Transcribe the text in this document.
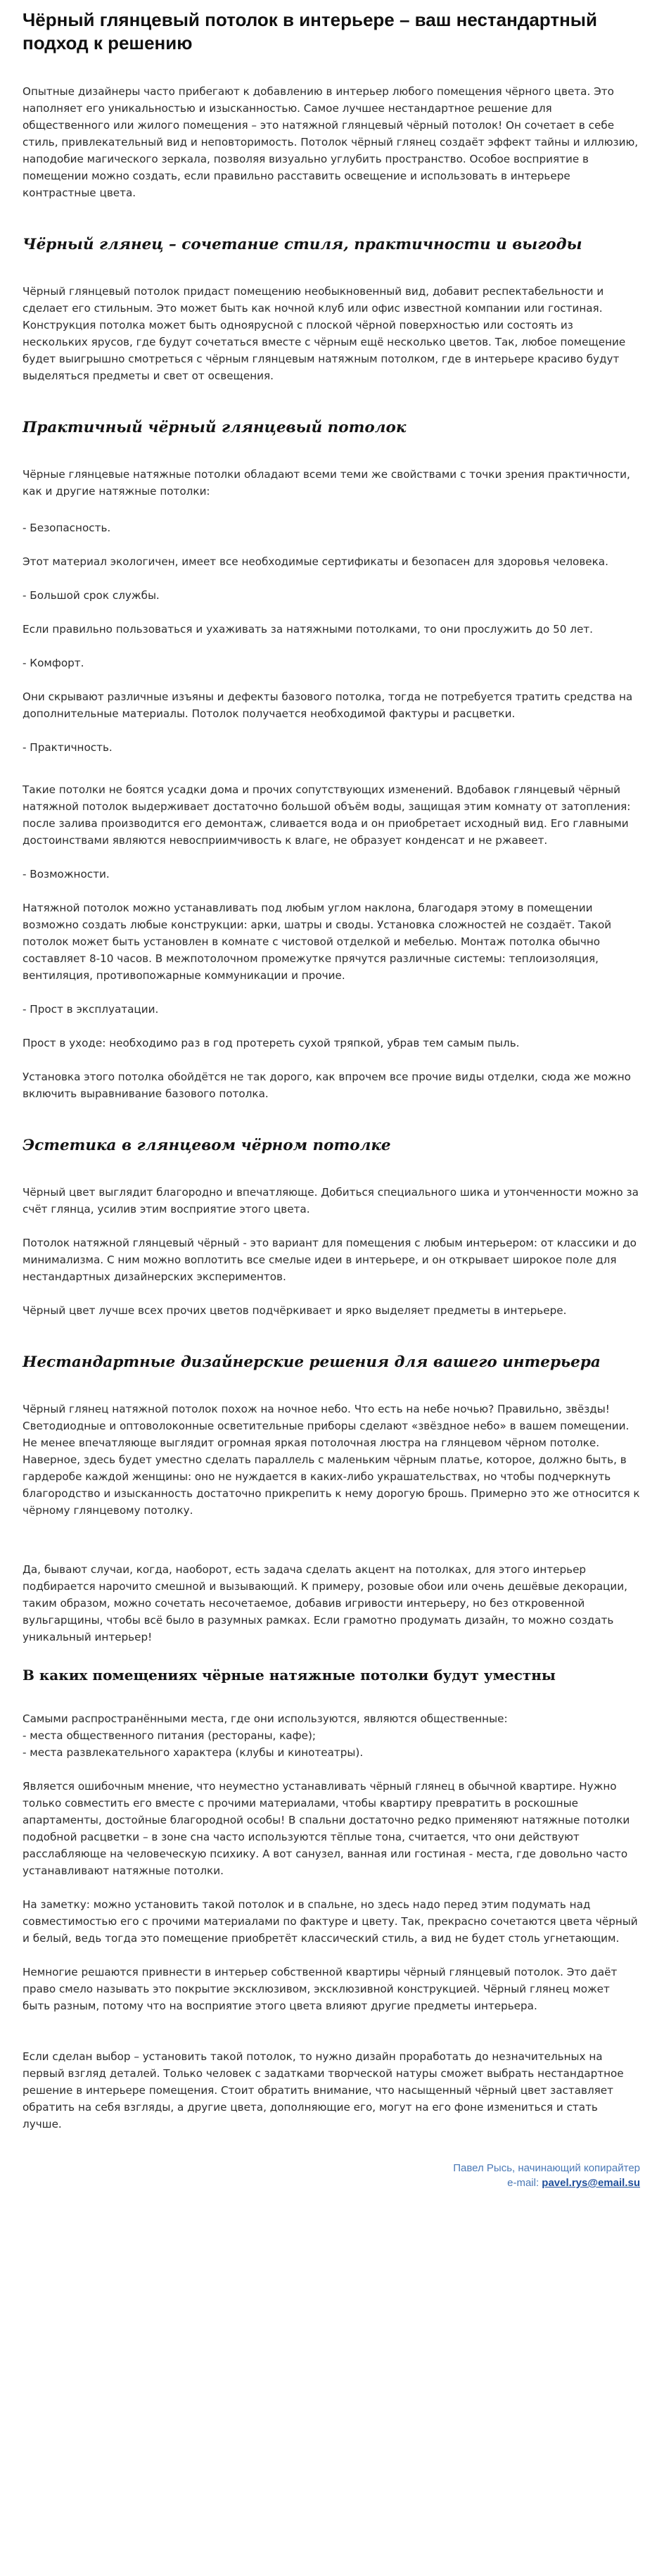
Чёрный глянцевый потолок в интерьере – ваш нестандартный подход к решению

Опытные дизайнеры часто прибегают к добавлению в интерьер любого помещения чёрного цвета. Это наполняет его уникальностью и изысканностью. Самое лучшее нестандартное решение для общественного или жилого помещения – это натяжной глянцевый чёрный потолок! Он сочетает в себе стиль, привлекательный вид и неповторимость. Потолок чёрный глянец создаёт эффект тайны и иллюзию, наподобие магического зеркала, позволяя визуально углубить пространство. Особое восприятие в помещении можно создать, если правильно расставить освещение и использовать в интерьере контрастные цвета.

Чёрный глянец – сочетание стиля, практичности и выгоды

Чёрный глянцевый потолок придаст помещению необыкновенный вид, добавит респектабельности и сделает его стильным. Это может быть как ночной клуб или офис известной компании или гостиная. Конструкция потолка может быть одноярусной с плоской чёрной поверхностью или состоять из нескольких ярусов, где будут сочетаться вместе с чёрным ещё несколько цветов. Так, любое помещение будет выигрышно смотреться с чёрным глянцевым натяжным потолком, где в интерьере красиво будут выделяться предметы и свет от освещения.

Практичный чёрный глянцевый потолок

Чёрные глянцевые натяжные потолки обладают всеми теми же свойствами с точки зрения практичности, как и другие натяжные потолки:

- Безопасность.

Этот материал экологичен, имеет все необходимые сертификаты и безопасен для здоровья человека.

- Большой срок службы.

Если правильно пользоваться и ухаживать за натяжными потолками, то они прослужить до 50 лет.

- Комфорт.

Они скрывают различные изъяны и дефекты базового потолка, тогда не потребуется тратить средства на дополнительные материалы. Потолок получается необходимой фактуры и расцветки.

- Практичность.

Такие потолки не боятся усадки дома и прочих сопутствующих изменений. Вдобавок глянцевый чёрный натяжной потолок выдерживает достаточно большой объём воды, защищая этим комнату от затопления: после залива производится его демонтаж, сливается вода и он приобретает исходный вид. Его главными достоинствами являются невосприимчивость к влаге, не образует конденсат и не ржавеет.

- Возможности.

Натяжной потолок можно устанавливать под любым углом наклона, благодаря этому в помещении возможно создать любые конструкции: арки, шатры и своды. Установка сложностей не создаёт. Такой потолок может быть установлен в комнате с чистовой отделкой и мебелью. Монтаж потолка обычно составляет 8-10 часов. В межпотолочном промежутке прячутся различные системы: теплоизоляция, вентиляция, противопожарные коммуникации и прочие.

- Прост в эксплуатации.

Прост в уходе: необходимо раз в год протереть сухой тряпкой, убрав тем самым пыль.

Установка этого потолка обойдётся не так дорого, как впрочем все прочие виды отделки, сюда же можно включить выравнивание базового потолка.

Эстетика в глянцевом чёрном потолке

Чёрный цвет выглядит благородно и впечатляюще. Добиться специального шика и утонченности можно за счёт глянца, усилив этим восприятие этого цвета.

Потолок натяжной глянцевый чёрный - это вариант для помещения с любым интерьером: от классики и до минимализма. С ним можно воплотить все смелые идеи в интерьере, и он открывает широкое поле для нестандартных дизайнерских экспериментов.

Чёрный цвет лучше всех прочих цветов подчёркивает и ярко выделяет предметы в интерьере.

Нестандартные дизайнерские решения для вашего интерьера

Чёрный глянец натяжной потолок похож на ночное небо. Что есть на небе ночью? Правильно, звёзды! Светодиодные и оптоволоконные осветительные приборы сделают «звёздное небо» в вашем помещении. Не менее впечатляюще выглядит огромная яркая потолочная люстра на глянцевом чёрном потолке. Наверное, здесь будет уместно сделать параллель с маленьким чёрным платье, которое, должно быть, в гардеробе каждой женщины: оно не нуждается в каких-либо украшательствах, но чтобы подчеркнуть благородство и изысканность достаточно прикрепить к нему дорогую брошь. Примерно это же относится к чёрному глянцевому потолку.

Да, бывают случаи, когда, наоборот, есть задача сделать акцент на потолках, для этого интерьер подбирается нарочито смешной и вызывающий. К примеру, розовые обои или очень дешёвые декорации, таким образом, можно сочетать несочетаемое, добавив игривости интерьеру, но без откровенной вульгарщины, чтобы всё было в разумных рамках. Если грамотно продумать дизайн, то можно создать уникальный интерьер!

В каких помещениях чёрные натяжные потолки будут уместны

Самыми распространёнными места, где они используются, являются общественные:

- места общественного питания (рестораны, кафе);

- места развлекательного характера (клубы и кинотеатры).

Является ошибочным мнение, что неуместно устанавливать чёрный глянец в обычной квартире. Нужно только совместить его вместе с прочими материалами, чтобы квартиру превратить в роскошные апартаменты, достойные благородной особы! В спальни достаточно редко применяют натяжные потолки подобной расцветки – в зоне сна часто используются тёплые тона, считается, что они действуют расслабляюще на человеческую психику. А вот санузел, ванная или гостиная - места, где довольно часто устанавливают натяжные потолки.

На заметку: можно установить такой потолок и в спальне, но здесь надо перед этим подумать над совместимостью его с прочими материалами по фактуре и цвету. Так, прекрасно сочетаются цвета чёрный и белый, ведь тогда это помещение приобретёт классический стиль, а вид не будет столь угнетающим.

Немногие решаются привнести в интерьер собственной квартиры чёрный глянцевый потолок. Это даёт право смело называть это покрытие эксклюзивом, эксклюзивной конструкцией. Чёрный глянец может быть разным, потому что на восприятие этого цвета влияют другие предметы интерьера.

Если сделан выбор – установить такой потолок, то нужно дизайн проработать до незначительных на первый взгляд деталей. Только человек с задатками творческой натуры сможет выбрать нестандартное решение в интерьере помещения. Стоит обратить внимание, что насыщенный чёрный цвет заставляет обратить на себя взгляды, а другие цвета, дополняющие его, могут на его фоне измениться и стать лучше.

Павел Рысь, начинающий копирайтер
e-mail: pavel.rys@email.su
